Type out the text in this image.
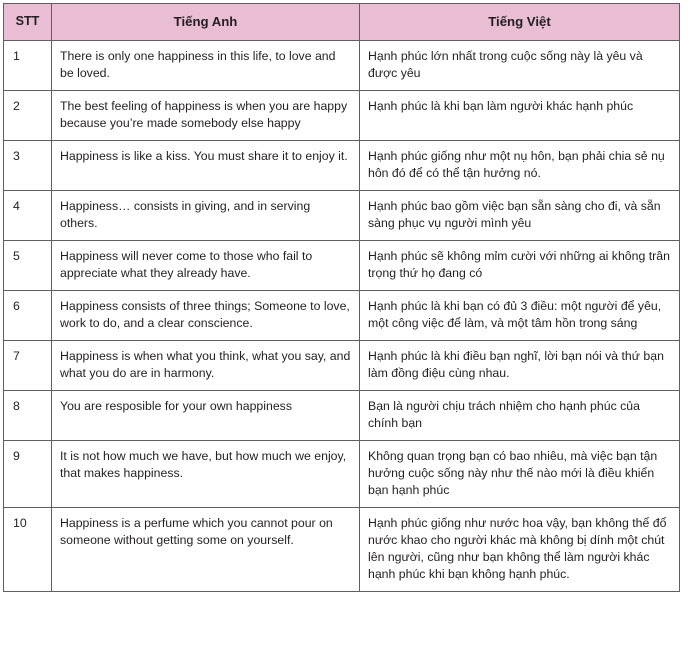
STT	Tiếng Anh	Tiếng Việt
1	There is only one happiness in this life, to love and be loved.	Hạnh phúc lớn nhất trong cuộc sống này là yêu và được yêu
2	The best feeling of happiness is when you are happy because you’re made somebody else happy	Hạnh phúc là khi bạn làm người khác hạnh phúc
3	Happiness is like a kiss. You must share it to enjoy it.	Hạnh phúc giống như một nụ hôn, bạn phải chia sẻ nụ hôn đó để có thể tận hưởng nó.
4	Happiness… consists in giving, and in serving others.	Hạnh phúc bao gồm việc bạn sẵn sàng cho đi, và sẵn sàng phục vụ người mình yêu
5	Happiness will never come to those who fail to appreciate what they already have.	Hạnh phúc sẽ không mỉm cười với những ai không trân trọng thứ họ đang có
6	Happiness consists of three things; Someone to love, work to do, and a clear conscience.	Hạnh phúc là khi bạn có đủ 3 điều: một người để yêu, một công việc để làm, và một tâm hồn trong sáng
7	Happiness is when what you think, what you say, and what you do are in harmony.	Hạnh phúc là khi điều bạn nghĩ, lời bạn nói và thứ bạn làm đồng điệu cùng nhau.
8	You are resposible for your own happiness	Bạn là người chịu trách nhiệm cho hạnh phúc của chính bạn
9	It is not how much we have, but how much we enjoy, that makes happiness.	Không quan trọng bạn có bao nhiêu, mà việc bạn tận hưởng cuộc sống này như thế nào mới là điều khiển bạn hạnh phúc
10	Happiness is a perfume which you cannot pour on someone without getting some on yourself.	Hạnh phúc giống như nước hoa vậy, bạn không thể đổ nước khao cho người khác mà không bị dính một chút lên người, cũng như bạn không thể làm người khác hạnh phúc khi bạn không hạnh phúc.
